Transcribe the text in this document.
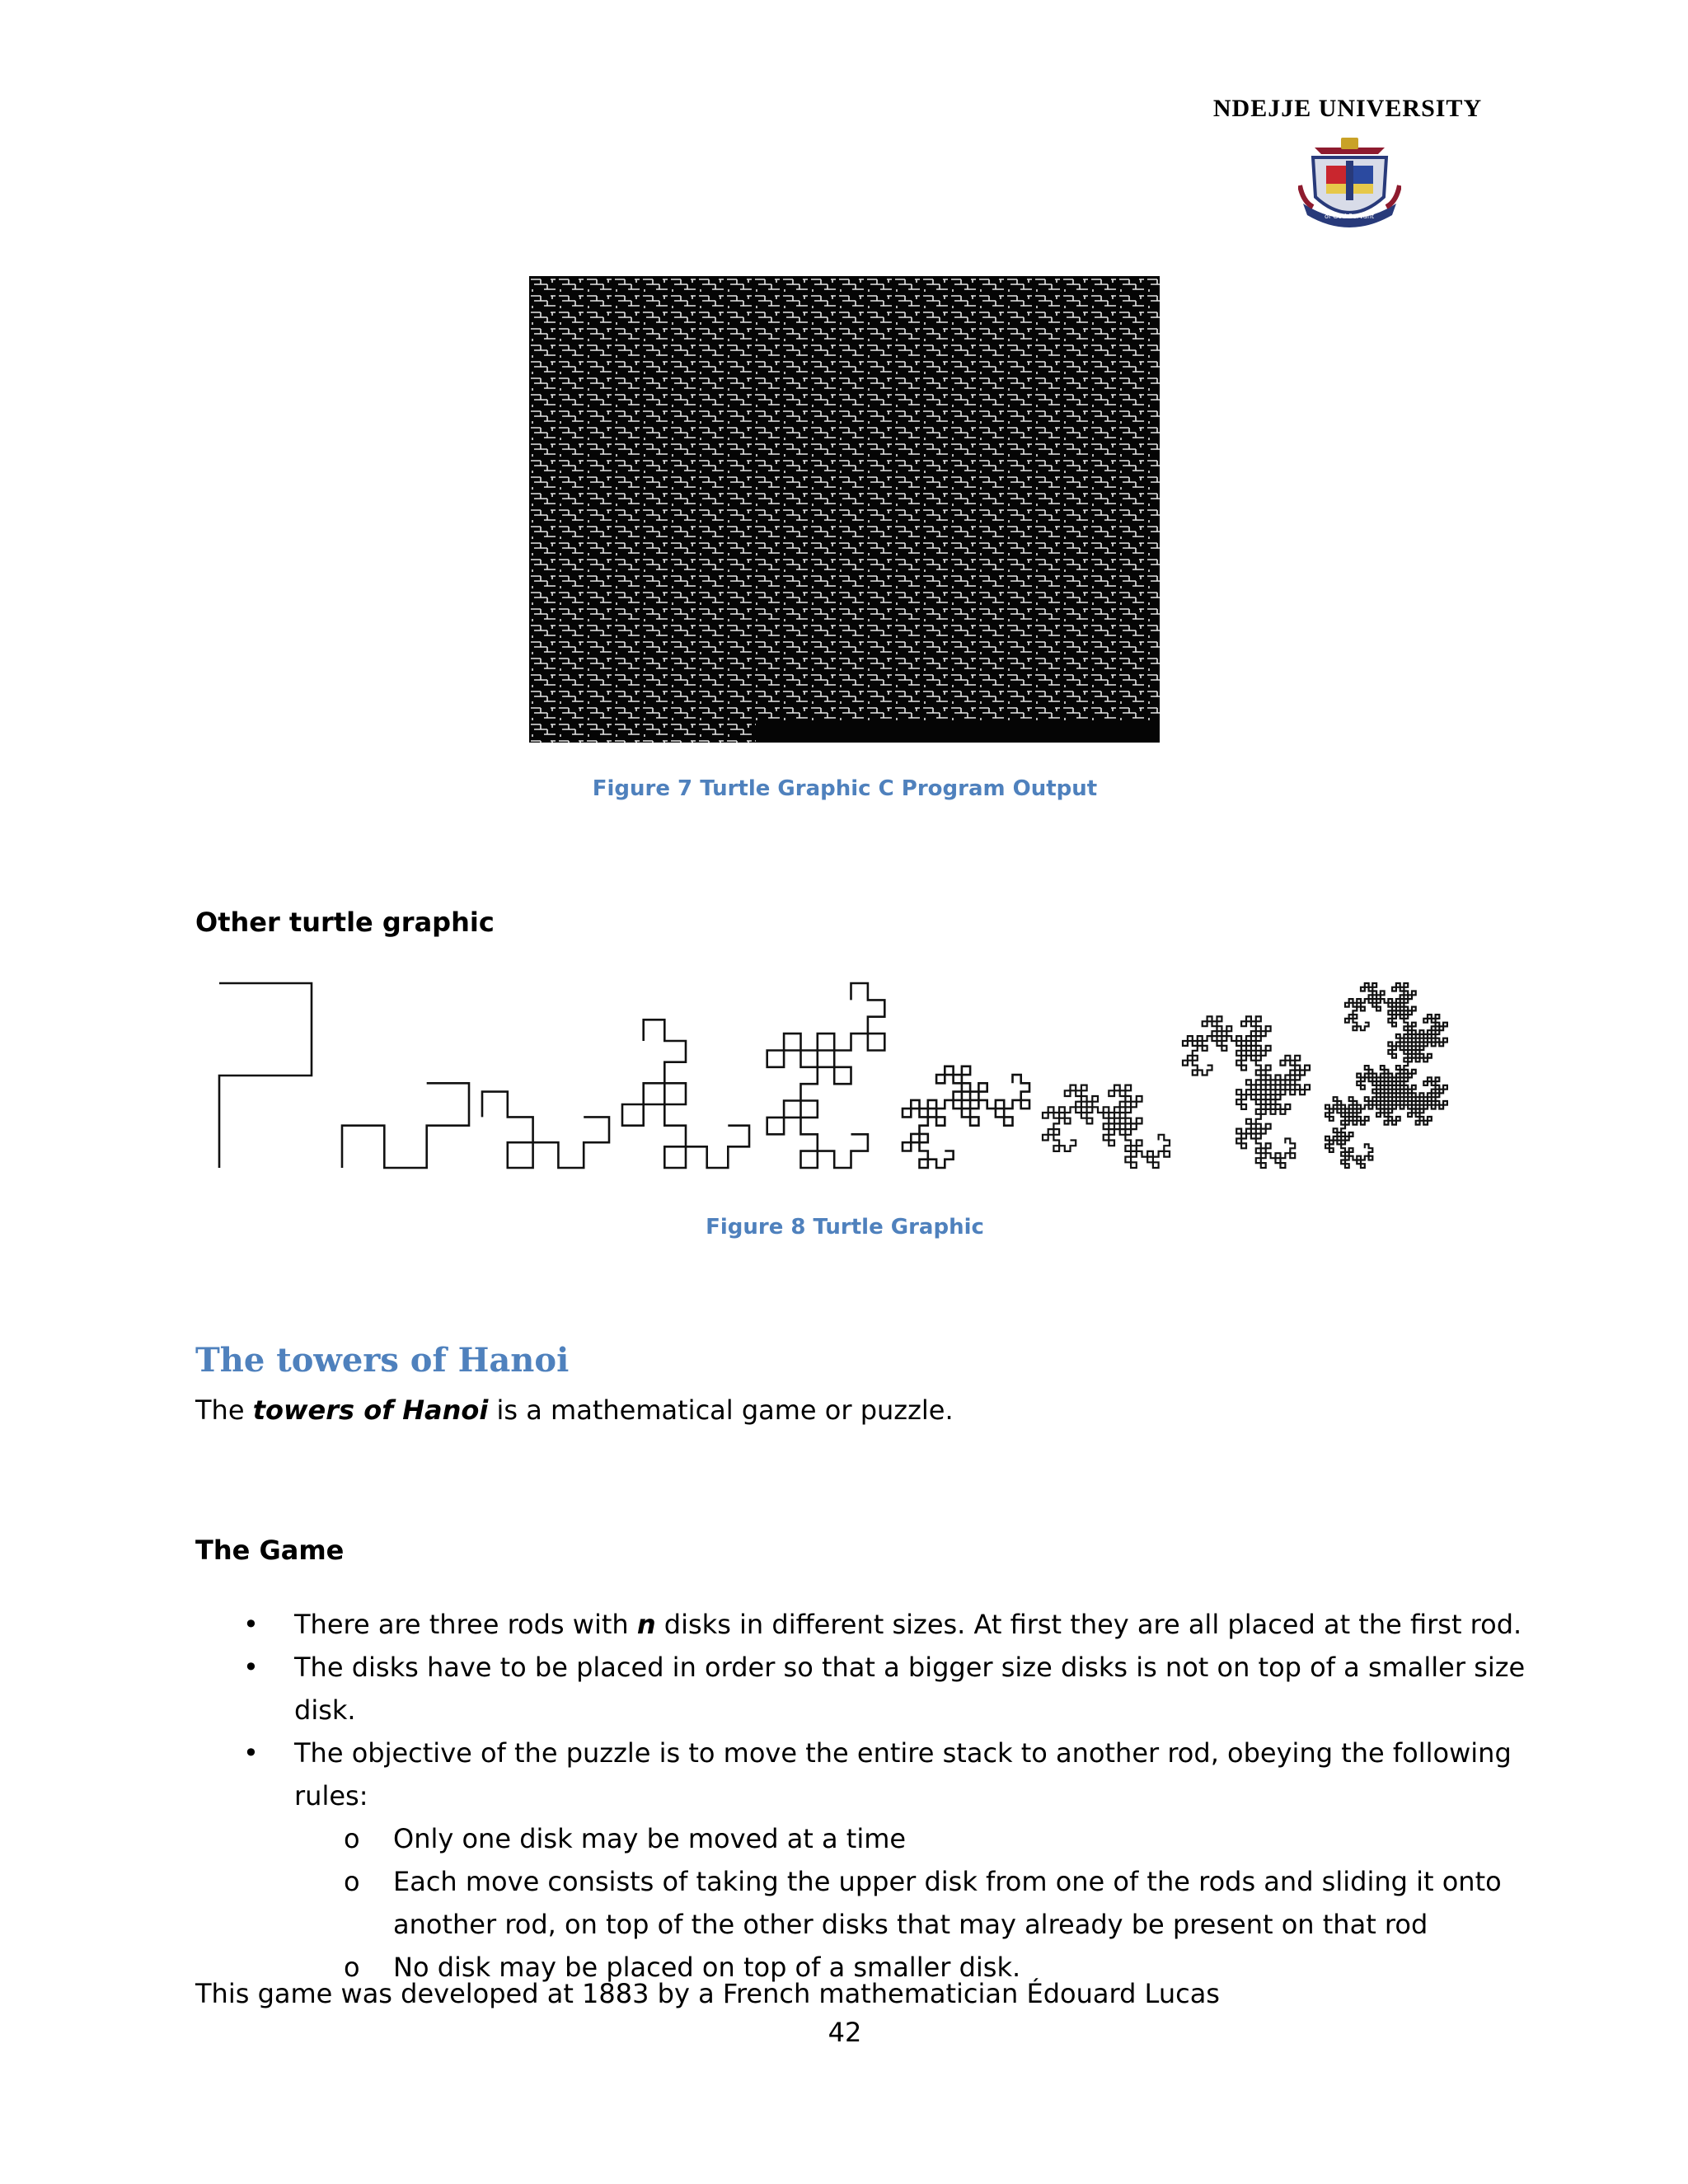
NDEJJE UNIVERSITY
of God Servant
Figure 7 Turtle Graphic C Program Output
Other turtle graphic
Figure 8 Turtle Graphic
The towers of Hanoi
The towers of Hanoi is a mathematical game or puzzle.
The Game
• There are three rods with n disks in different sizes. At first they are all placed at the first rod.
• The disks have to be placed in order so that a bigger size disks is not on top of a smaller size disk.
• The objective of the puzzle is to move the entire stack to another rod, obeying the following
rules:
o Only one disk may be moved at a time
o Each move consists of taking the upper disk from one of the rods and sliding it onto
another rod, on top of the other disks that may already be present on that rod
o No disk may be placed on top of a smaller disk.
This game was developed at 1883 by a French mathematician Édouard Lucas
42
